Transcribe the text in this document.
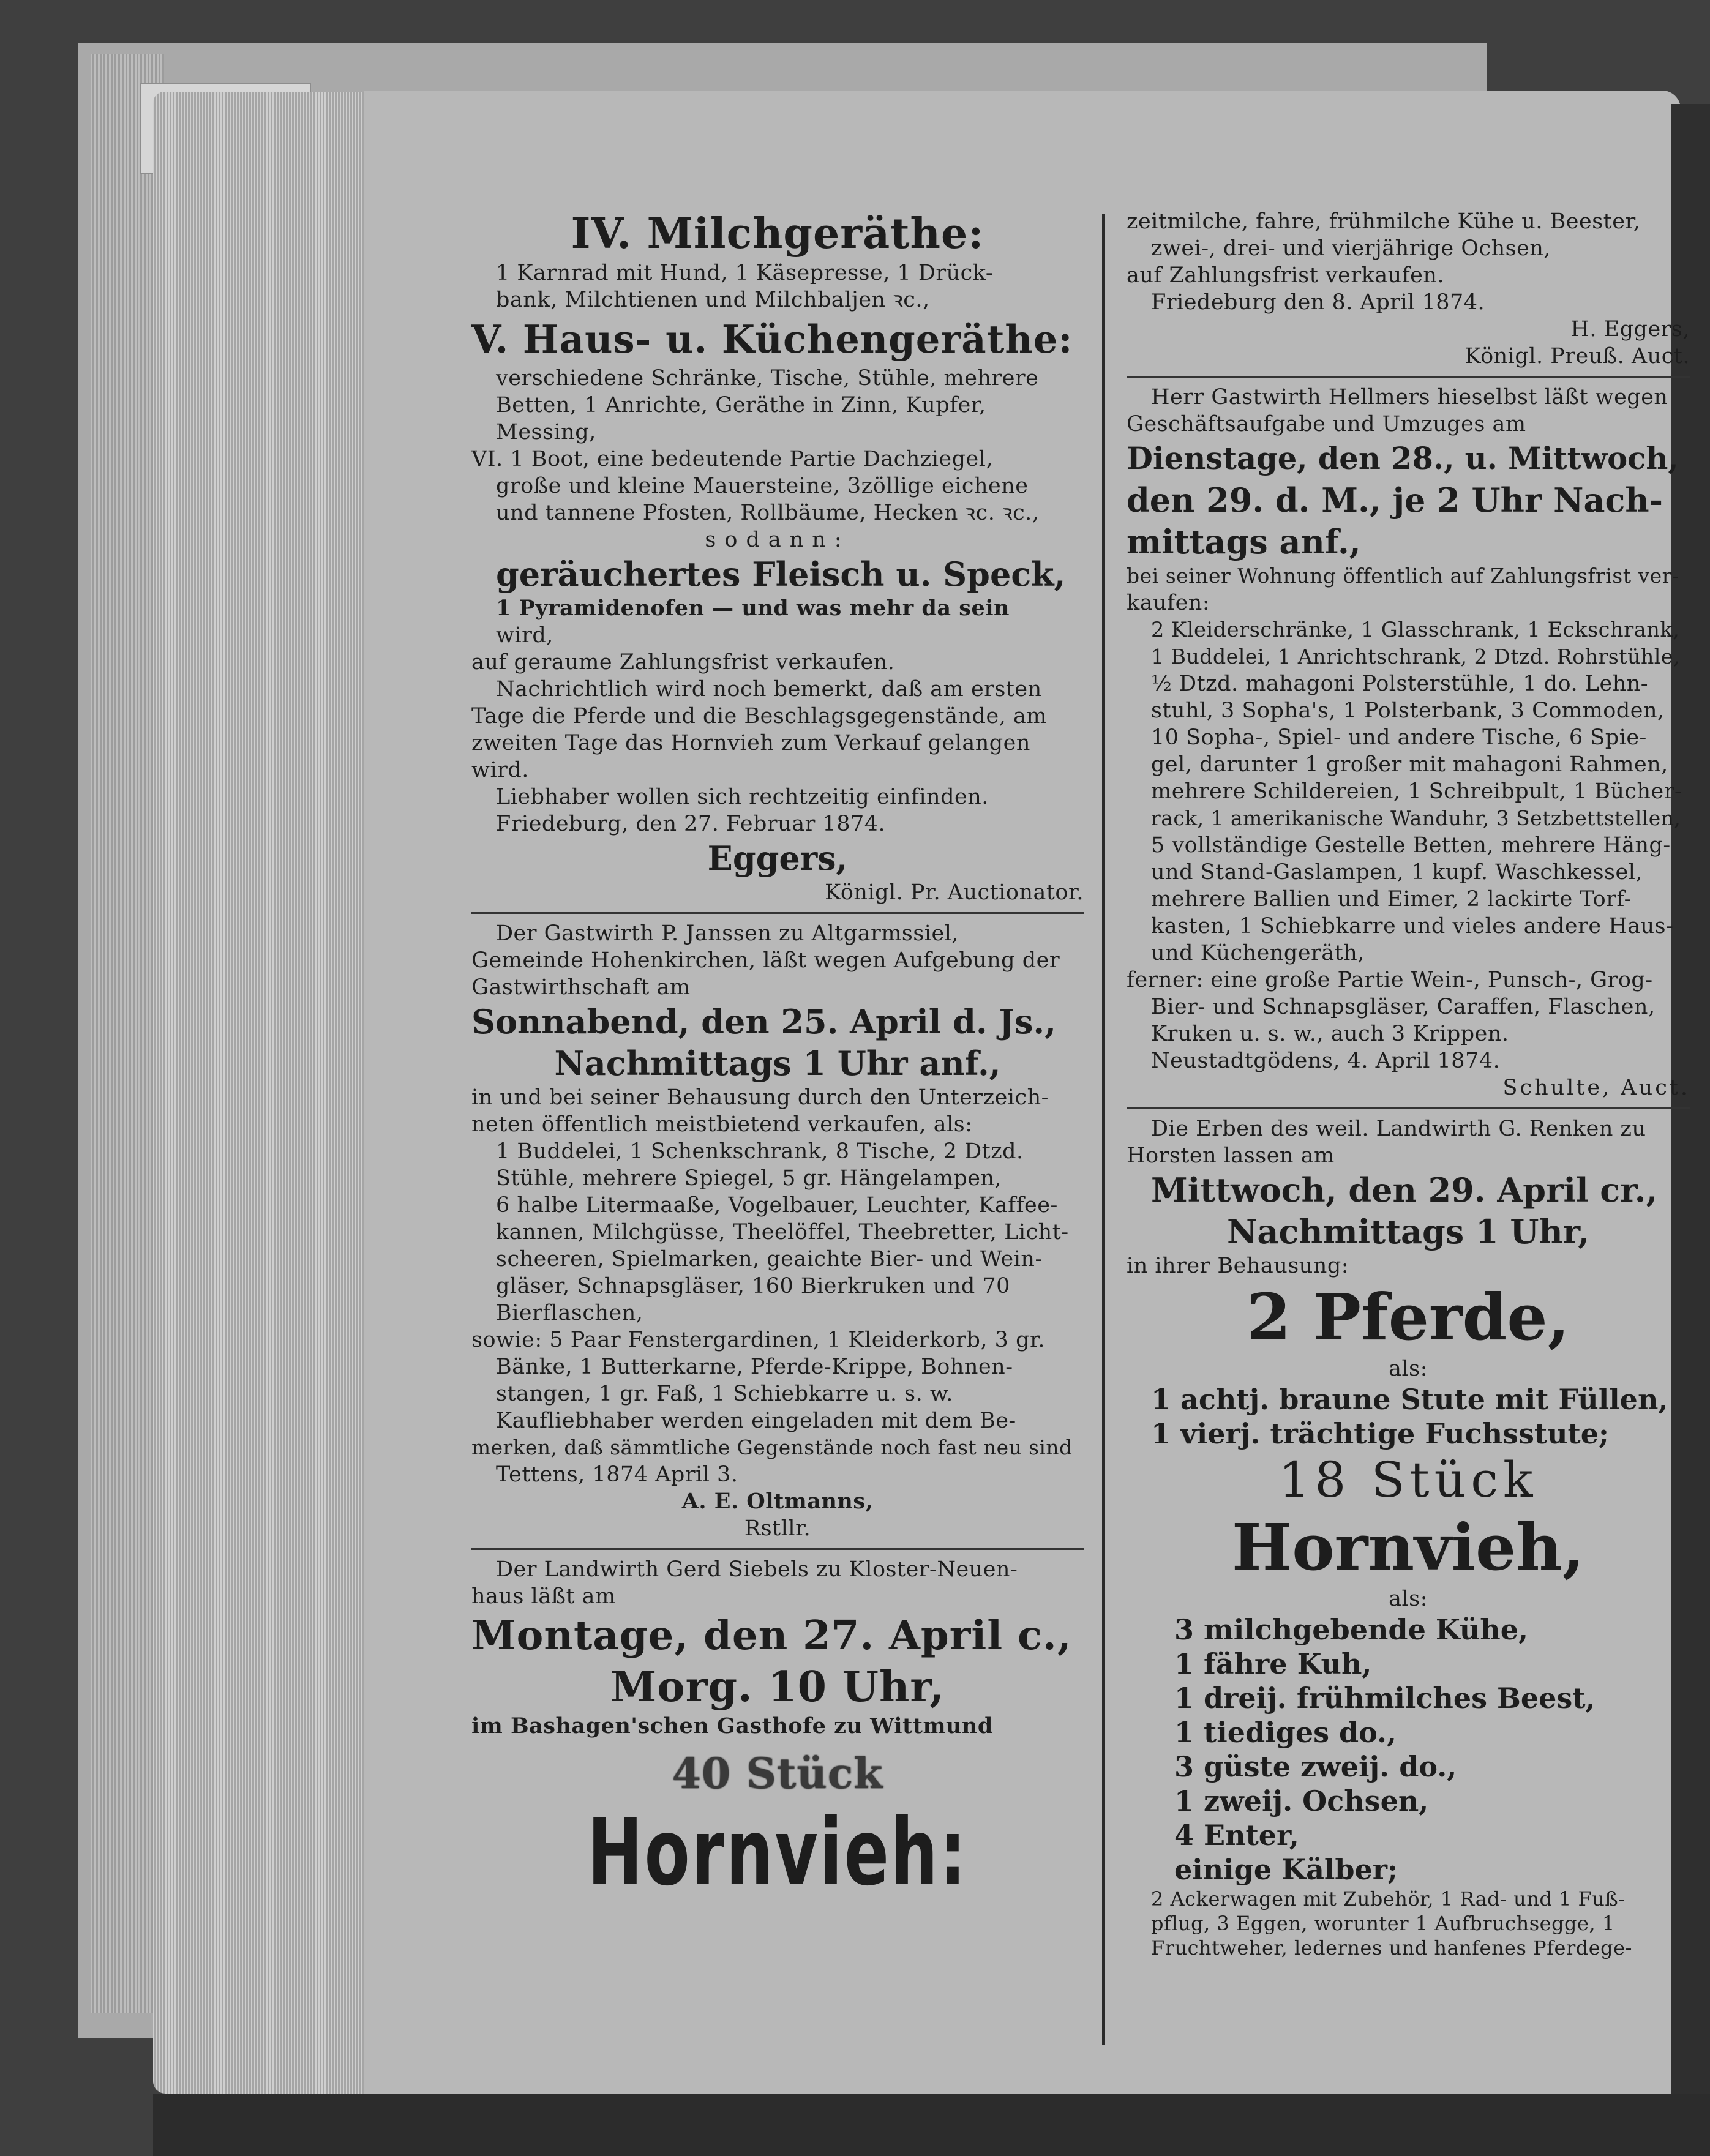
IV. Milchgeräthe:
1 Karnrad mit Hund, 1 Käsepresse, 1 Drück-
bank, Milchtienen und Milchbaljen ꝛc.,
V. Haus- u. Küchengeräthe:
verschiedene Schränke, Tische, Stühle, mehrere
Betten, 1 Anrichte, Geräthe in Zinn, Kupfer,
Messing,
VI. 1 Boot, eine bedeutende Partie Dachziegel,
große und kleine Mauersteine, 3zöllige eichene
und tannene Pfosten, Rollbäume, Hecken ꝛc. ꝛc.,
sodann:
geräuchertes Fleisch u. Speck,
1 Pyramidenofen — und was mehr da sein
wird,
auf geraume Zahlungsfrist verkaufen.
Nachrichtlich wird noch bemerkt, daß am ersten
Tage die Pferde und die Beschlagsgegenstände, am
zweiten Tage das Hornvieh zum Verkauf gelangen
wird.
Liebhaber wollen sich rechtzeitig einfinden.
Friedeburg, den 27. Februar 1874.
Eggers,
Königl. Pr. Auctionator.
Der Gastwirth P. Janssen zu Altgarmssiel,
Gemeinde Hohenkirchen, läßt wegen Aufgebung der
Gastwirthschaft am
Sonnabend, den 25. April d. Js.,
Nachmittags 1 Uhr anf.,
in und bei seiner Behausung durch den Unterzeich-
neten öffentlich meistbietend verkaufen, als:
1 Buddelei, 1 Schenkschrank, 8 Tische, 2 Dtzd.
Stühle, mehrere Spiegel, 5 gr. Hängelampen,
6 halbe Litermaaße, Vogelbauer, Leuchter, Kaffee-
kannen, Milchgüsse, Theelöffel, Theebretter, Licht-
scheeren, Spielmarken, geaichte Bier- und Wein-
gläser, Schnapsgläser, 160 Bierkruken und 70
Bierflaschen,
sowie: 5 Paar Fenstergardinen, 1 Kleiderkorb, 3 gr.
Bänke, 1 Butterkarne, Pferde-Krippe, Bohnen-
stangen, 1 gr. Faß, 1 Schiebkarre u. s. w.
Kaufliebhaber werden eingeladen mit dem Be-
merken, daß sämmtliche Gegenstände noch fast neu sind
Tettens, 1874 April 3.
A. E. Oltmanns,
Rstllr.
Der Landwirth Gerd Siebels zu Kloster-Neuen-
haus läßt am
Montage, den 27. April c.,
Morg. 10 Uhr,
im Bashagen'schen Gasthofe zu Wittmund
40 Stück
Hornvieh:
zeitmilche, fahre, frühmilche Kühe u. Beester,
zwei-, drei- und vierjährige Ochsen,
auf Zahlungsfrist verkaufen.
Friedeburg den 8. April 1874.
H. Eggers,
Königl. Preuß. Auct.
Herr Gastwirth Hellmers hieselbst läßt wegen
Geschäftsaufgabe und Umzuges am
Dienstage, den 28., u. Mittwoch,
den 29. d. M., je 2 Uhr Nach-
mittags anf.,
bei seiner Wohnung öffentlich auf Zahlungsfrist ver-
kaufen:
2 Kleiderschränke, 1 Glasschrank, 1 Eckschrank,
1 Buddelei, 1 Anrichtschrank, 2 Dtzd. Rohrstühle,
½ Dtzd. mahagoni Polsterstühle, 1 do. Lehn-
stuhl, 3 Sopha's, 1 Polsterbank, 3 Commoden,
10 Sopha-, Spiel- und andere Tische, 6 Spie-
gel, darunter 1 großer mit mahagoni Rahmen,
mehrere Schildereien, 1 Schreibpult, 1 Bücher-
rack, 1 amerikanische Wanduhr, 3 Setzbettstellen,
5 vollständige Gestelle Betten, mehrere Häng-
und Stand-Gaslampen, 1 kupf. Waschkessel,
mehrere Ballien und Eimer, 2 lackirte Torf-
kasten, 1 Schiebkarre und vieles andere Haus-
und Küchengeräth,
ferner: eine große Partie Wein-, Punsch-, Grog-
Bier- und Schnapsgläser, Caraffen, Flaschen,
Kruken u. s. w., auch 3 Krippen.
Neustadtgödens, 4. April 1874.
Schulte, Auct.
Die Erben des weil. Landwirth G. Renken zu
Horsten lassen am
Mittwoch, den 29. April cr.,
Nachmittags 1 Uhr,
in ihrer Behausung:
2 Pferde,
als:
1 achtj. braune Stute mit Füllen,
1 vierj. trächtige Fuchsstute;
18 Stück
Hornvieh,
als:
3 milchgebende Kühe,
1 fähre Kuh,
1 dreij. frühmilches Beest,
1 tiediges do.,
3 güste zweij. do.,
1 zweij. Ochsen,
4 Enter,
einige Kälber;
2 Ackerwagen mit Zubehör, 1 Rad- und 1 Fuß-
pflug, 3 Eggen, worunter 1 Aufbruchsegge, 1
Fruchtweher, ledernes und hanfenes Pferdege-
